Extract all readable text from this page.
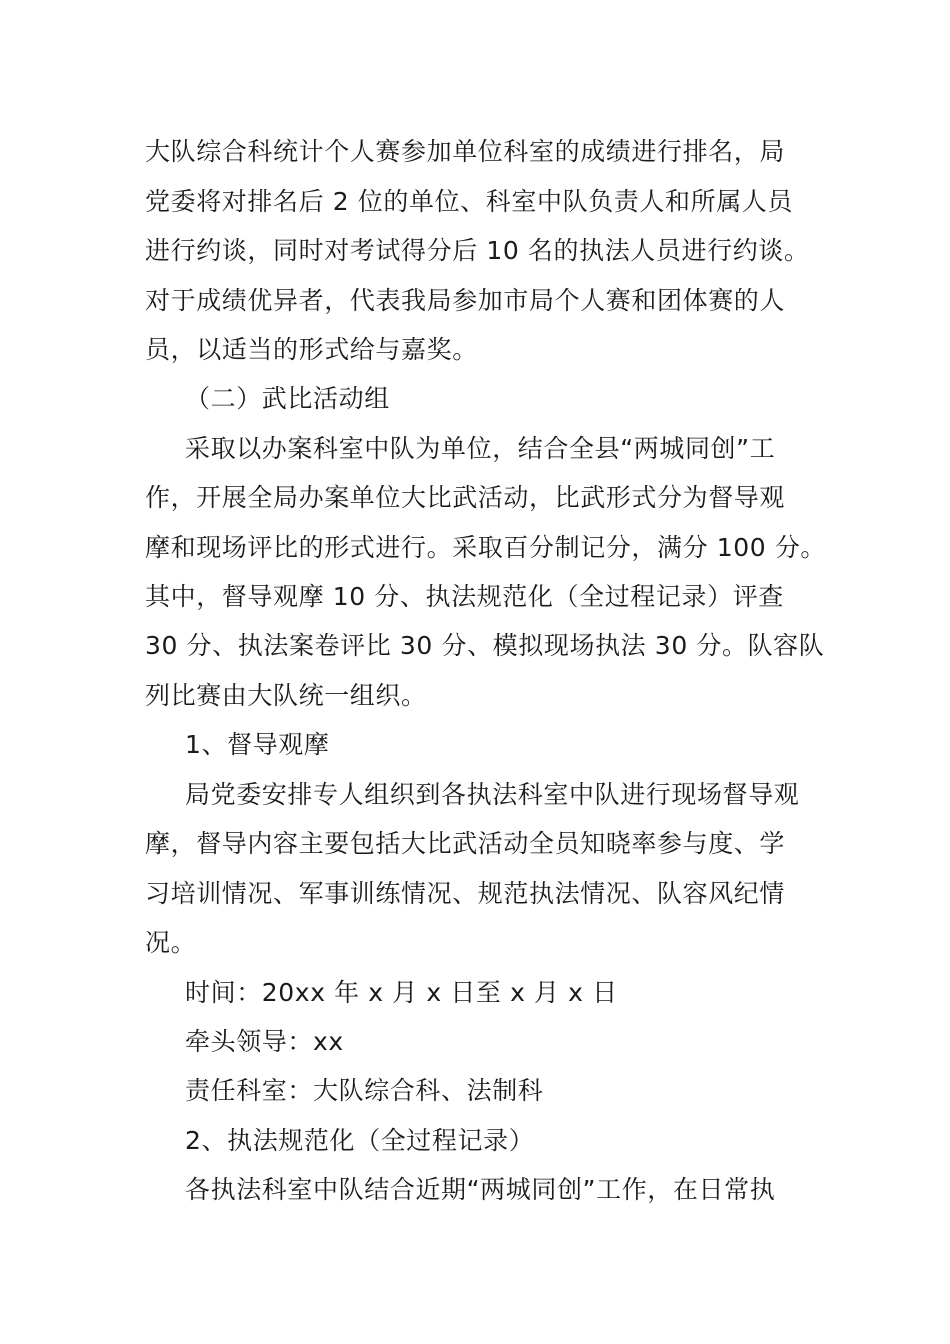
大队综合科统计个人赛参加单位科室的成绩进行排名，局
党委将对排名后 2 位的单位、科室中队负责人和所属人员
进行约谈，同时对考试得分后 10 名的执法人员进行约谈。
对于成绩优异者，代表我局参加市局个人赛和团体赛的人
员，以适当的形式给与嘉奖。
（二）武比活动组
采取以办案科室中队为单位，结合全县“两城同创”工
作，开展全局办案单位大比武活动，比武形式分为督导观
摩和现场评比的形式进行。采取百分制记分，满分 100 分。
其中，督导观摩 10 分、执法规范化（全过程记录）评查
30 分、执法案卷评比 30 分、模拟现场执法 30 分。队容队
列比赛由大队统一组织。
1、督导观摩
局党委安排专人组织到各执法科室中队进行现场督导观
摩，督导内容主要包括大比武活动全员知晓率参与度、学
习培训情况、军事训练情况、规范执法情况、队容风纪情
况。
时间：20xx 年 x 月 x 日至 x 月 x 日
牵头领导：xx
责任科室：大队综合科、法制科
2、执法规范化（全过程记录）
各执法科室中队结合近期“两城同创”工作，在日常执
